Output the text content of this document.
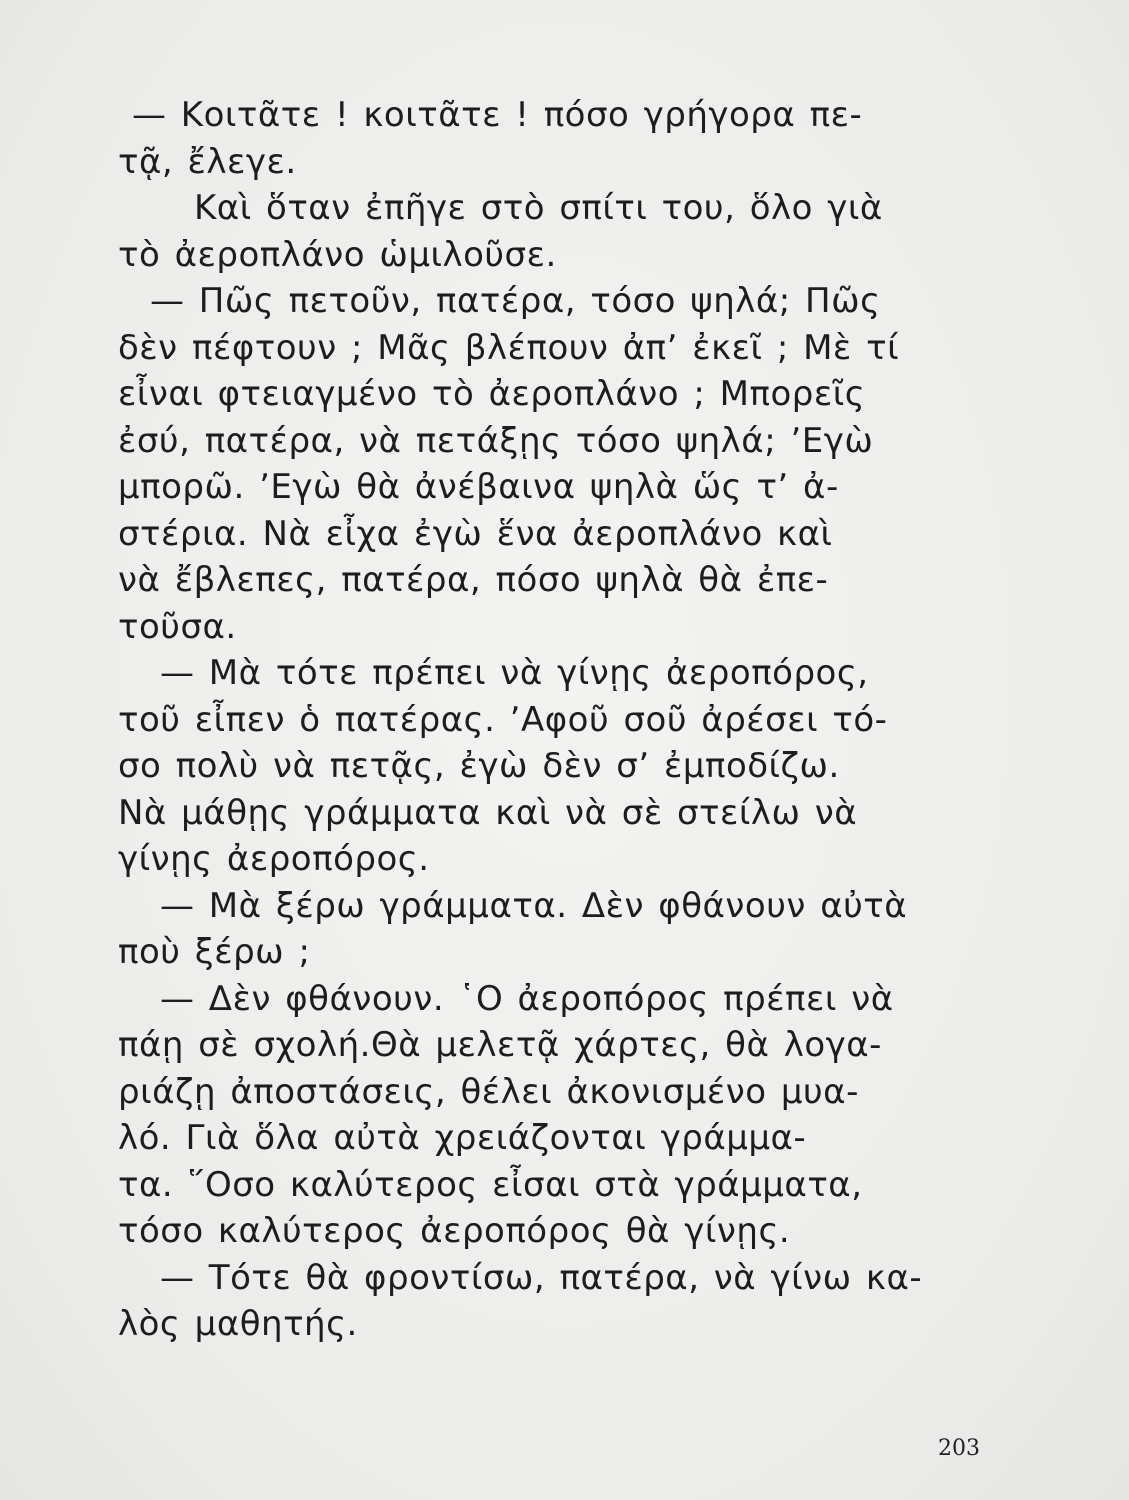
— Κοιτᾶτε ! κοιτᾶτε ! πόσο γρήγορα πε-
τᾷ, ἔλεγε.
Καὶ ὅταν ἐπῆγε στὸ σπίτι του, ὅλο γιὰ
τὸ ἀεροπλάνο ὡμιλοῦσε.
— Πῶς πετοῦν, πατέρα, τόσο ψηλά; Πῶς
δὲν πέφτουν ; Μᾶς βλέπουν ἀπ’ ἐκεῖ ; Μὲ τί
εἶναι φτειαγμένο τὸ ἀεροπλάνο ; Μπορεῖς
ἐσύ, πατέρα, νὰ πετάξῃς τόσο ψηλά; ’Εγὼ
μπορῶ. ’Εγὼ θὰ ἀνέβαινα ψηλὰ ὥς τ’ ἀ-
στέρια. Νὰ εἶχα ἐγὼ ἕνα ἀεροπλάνο καὶ
νὰ ἔβλεπες, πατέρα, πόσο ψηλὰ θὰ ἐπε-
τοῦσα.
— Μὰ τότε πρέπει νὰ γίνῃς ἀεροπόρος,
τοῦ εἶπεν ὁ πατέρας. ’Αφοῦ σοῦ ἀρέσει τό-
σο πολὺ νὰ πετᾷς, ἐγὼ δὲν σ’ ἐμποδίζω.
Νὰ μάθῃς γράμματα καὶ νὰ σὲ στείλω νὰ
γίνῃς ἀεροπόρος.
— Μὰ ξέρω γράμματα. Δὲν φθάνουν αὐτὰ
ποὺ ξέρω ;
— Δὲν φθάνουν. ῾Ο ἀεροπόρος πρέπει νὰ
πάῃ σὲ σχολή.Θὰ μελετᾷ χάρτες, θὰ λογα-
ριάζῃ ἀποστάσεις, θέλει ἀκονισμένο μυα-
λό. Γιὰ ὅλα αὐτὰ χρειάζονται γράμμα-
τα. ῞Οσο καλύτερος εἶσαι στὰ γράμματα,
τόσο καλύτερος ἀεροπόρος θὰ γίνῃς.
— Τότε θὰ φροντίσω, πατέρα, νὰ γίνω κα-
λὸς μαθητής.
203
